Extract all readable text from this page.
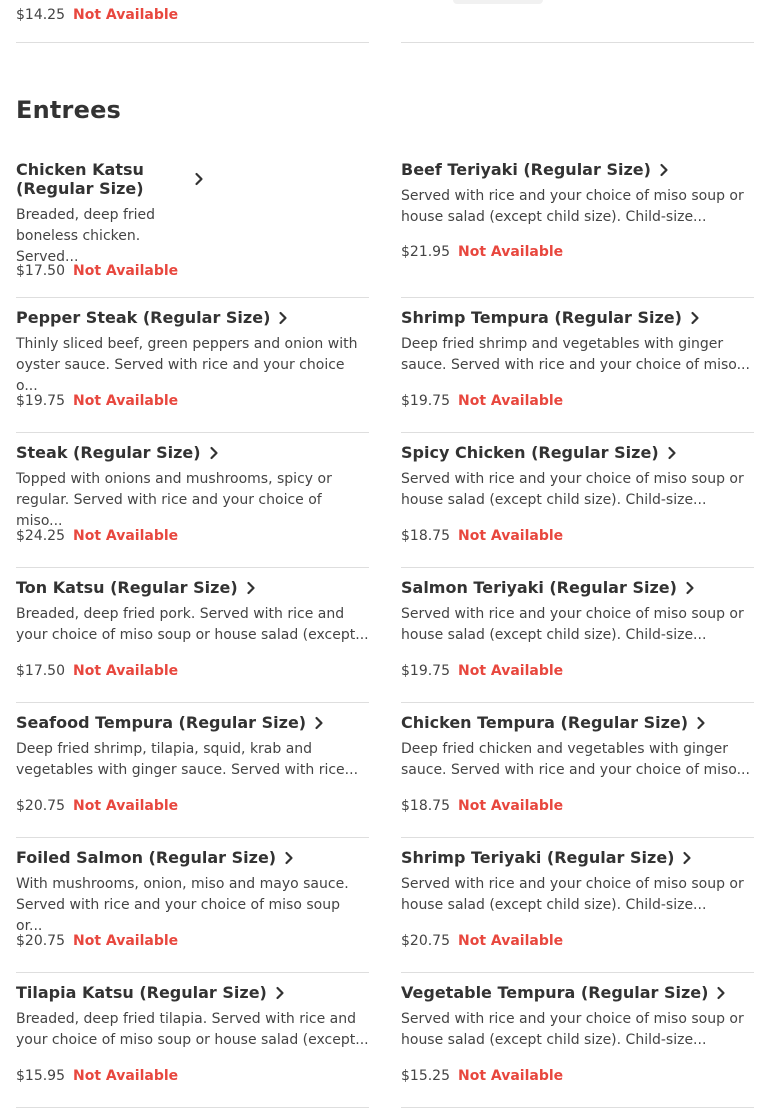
$14.25 Not Available
Entrees
Chicken Katsu (Regular Size)
Breaded, deep fried boneless chicken. Served...
$17.50 Not Available
Beef Teriyaki (Regular Size)
Served with rice and your choice of miso soup or house salad (except child size). Child-size...
$21.95 Not Available
Pepper Steak (Regular Size)
Thinly sliced beef, green peppers and onion with oyster sauce. Served with rice and your choice o...
$19.75 Not Available
Shrimp Tempura (Regular Size)
Deep fried shrimp and vegetables with ginger sauce. Served with rice and your choice of miso...
$19.75 Not Available
Steak (Regular Size)
Topped with onions and mushrooms, spicy or regular. Served with rice and your choice of miso...
$24.25 Not Available
Spicy Chicken (Regular Size)
Served with rice and your choice of miso soup or house salad (except child size). Child-size...
$18.75 Not Available
Ton Katsu (Regular Size)
Breaded, deep fried pork. Served with rice and your choice of miso soup or house salad (except...
$17.50 Not Available
Salmon Teriyaki (Regular Size)
Served with rice and your choice of miso soup or house salad (except child size). Child-size...
$19.75 Not Available
Seafood Tempura (Regular Size)
Deep fried shrimp, tilapia, squid, krab and vegetables with ginger sauce. Served with rice...
$20.75 Not Available
Chicken Tempura (Regular Size)
Deep fried chicken and vegetables with ginger sauce. Served with rice and your choice of miso...
$18.75 Not Available
Foiled Salmon (Regular Size)
With mushrooms, onion, miso and mayo sauce. Served with rice and your choice of miso soup or...
$20.75 Not Available
Shrimp Teriyaki (Regular Size)
Served with rice and your choice of miso soup or house salad (except child size). Child-size...
$20.75 Not Available
Tilapia Katsu (Regular Size)
Breaded, deep fried tilapia. Served with rice and your choice of miso soup or house salad (except...
$15.95 Not Available
Vegetable Tempura (Regular Size)
Served with rice and your choice of miso soup or house salad (except child size). Child-size...
$15.25 Not Available
